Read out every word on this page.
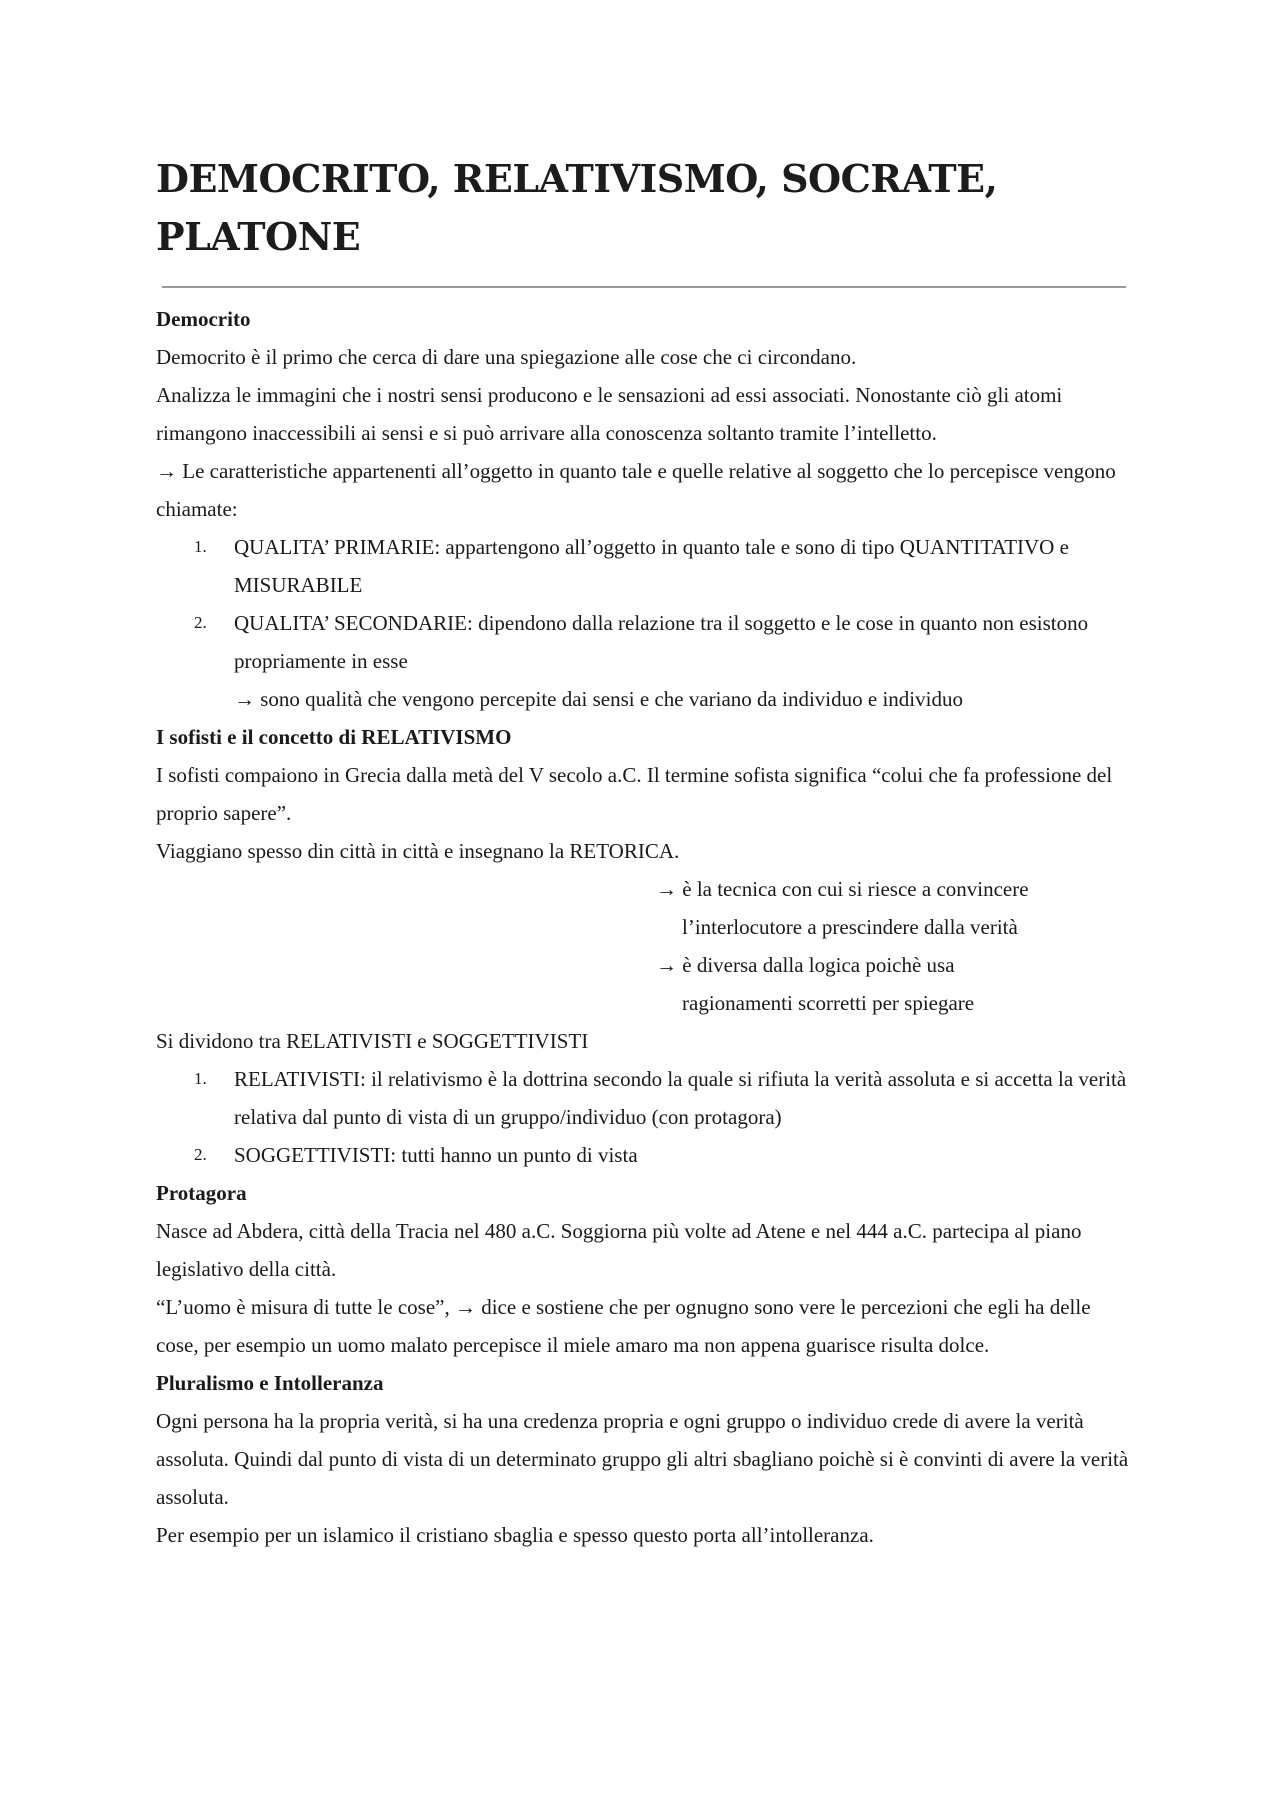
DEMOCRITO, RELATIVISMO, SOCRATE, PLATONE

Democrito

Democrito è il primo che cerca di dare una spiegazione alle cose che ci circondano.

Analizza le immagini che i nostri sensi producono e le sensazioni ad essi associati. Nonostante ciò gli atomi rimangono inaccessibili ai sensi e si può arrivare alla conoscenza soltanto tramite l’intelletto.

→ Le caratteristiche appartenenti all’oggetto in quanto tale e quelle relative al soggetto che lo percepisce vengono chiamate:

1.	QUALITA’ PRIMARIE: appartengono all’oggetto in quanto tale e sono di tipo QUANTITATIVO e MISURABILE
2.	QUALITA’ SECONDARIE: dipendono dalla relazione tra il soggetto e le cose in quanto non esistono propriamente in esse

→ sono qualità che vengono percepite dai sensi e che variano da individuo e individuo

I sofisti e il concetto di RELATIVISMO

I sofisti compaiono in Grecia dalla metà del V secolo a.C. Il termine sofista significa “colui che fa professione del proprio sapere”.

Viaggiano spesso din città in città e insegnano la RETORICA.

→ è la tecnica con cui si riesce a convincere

l’interlocutore a prescindere dalla verità

→ è diversa dalla logica poichè usa

ragionamenti scorretti per spiegare

Si dividono tra RELATIVISTI e SOGGETTIVISTI

1.	RELATIVISTI: il relativismo è la dottrina secondo la quale si rifiuta la verità assoluta e si accetta la verità relativa dal punto di vista di un gruppo/individuo (con protagora)
2.	SOGGETTIVISTI: tutti hanno un punto di vista

Protagora

Nasce ad Abdera, città della Tracia nel 480 a.C. Soggiorna più volte ad Atene e nel 444 a.C. partecipa al piano legislativo della città.

“L’uomo è misura di tutte le cose”, → dice e sostiene che per ognugno sono vere le percezioni che egli ha delle cose, per esempio un uomo malato percepisce il miele amaro ma non appena guarisce risulta dolce.

Pluralismo e Intolleranza

Ogni persona ha la propria verità, si ha una credenza propria e ogni gruppo o individuo crede di avere la verità assoluta. Quindi dal punto di vista di un determinato gruppo gli altri sbagliano poichè si è convinti di avere la verità assoluta.

Per esempio per un islamico il cristiano sbaglia e spesso questo porta all’intolleranza.
